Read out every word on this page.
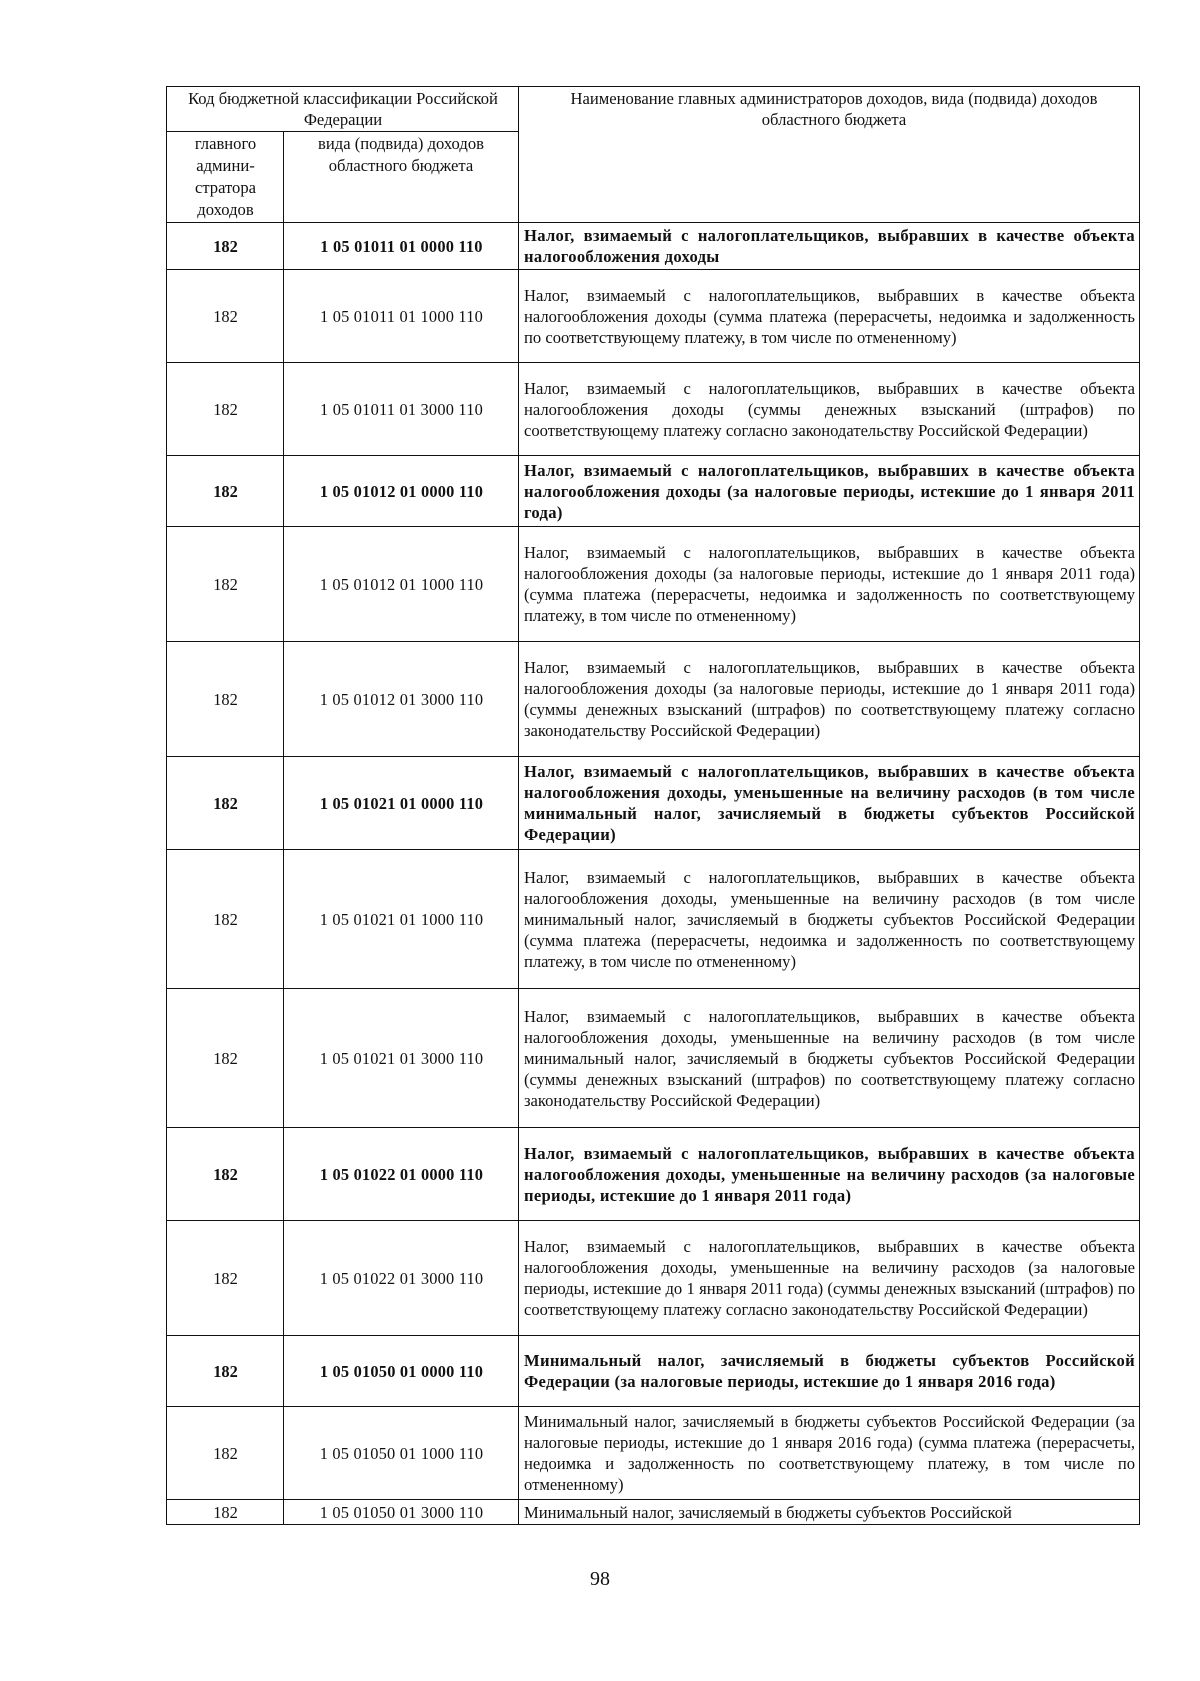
Код бюджетной классификации Российской Федерации		Наименование главных администраторов доходов, вида (подвида) доходов областного бюджета
главного админи-стратора доходов	вида (подвида) доходов областного бюджета	
182	1 05 01011 01 0000 110	Налог, взимаемый с налогоплательщиков, выбравших в качестве объекта налогообложения доходы
182	1 05 01011 01 1000 110	Налог, взимаемый с налогоплательщиков, выбравших в качестве объекта налогообложения доходы (сумма платежа (перерасчеты, недоимка и задолженность по соответствующему платежу, в том числе по отмененному)
182	1 05 01011 01 3000 110	Налог, взимаемый с налогоплательщиков, выбравших в качестве объекта налогообложения доходы (суммы денежных взысканий (штрафов) по соответствующему платежу согласно законодательству Российской Федерации)
182	1 05 01012 01 0000 110	Налог, взимаемый с налогоплательщиков, выбравших в качестве объекта налогообложения доходы (за налоговые периоды, истекшие до 1 января 2011 года)
182	1 05 01012 01 1000 110	Налог, взимаемый с налогоплательщиков, выбравших в качестве объекта налогообложения доходы (за налоговые периоды, истекшие до 1 января 2011 года) (сумма платежа (перерасчеты, недоимка и задолженность по соответствующему платежу, в том числе по отмененному)
182	1 05 01012 01 3000 110	Налог, взимаемый с налогоплательщиков, выбравших в качестве объекта налогообложения доходы (за налоговые периоды, истекшие до 1 января 2011 года) (суммы денежных взысканий (штрафов) по соответствующему платежу согласно законодательству Российской Федерации)
182	1 05 01021 01 0000 110	Налог, взимаемый с налогоплательщиков, выбравших в качестве объекта налогообложения доходы, уменьшенные на величину расходов (в том числе минимальный налог, зачисляемый в бюджеты субъектов Российской Федерации)
182	1 05 01021 01 1000 110	Налог, взимаемый с налогоплательщиков, выбравших в качестве объекта налогообложения доходы, уменьшенные на величину расходов (в том числе минимальный налог, зачисляемый в бюджеты субъектов Российской Федерации (сумма платежа (перерасчеты, недоимка и задолженность по соответствующему платежу, в том числе по отмененному)
182	1 05 01021 01 3000 110	Налог, взимаемый с налогоплательщиков, выбравших в качестве объекта налогообложения доходы, уменьшенные на величину расходов (в том числе минимальный налог, зачисляемый в бюджеты субъектов Российской Федерации (суммы денежных взысканий (штрафов) по соответствующему платежу согласно законодательству Российской Федерации)
182	1 05 01022 01 0000 110	Налог, взимаемый с налогоплательщиков, выбравших в качестве объекта налогообложения доходы, уменьшенные на величину расходов (за налоговые периоды, истекшие до 1 января 2011 года)
182	1 05 01022 01 3000 110	Налог, взимаемый с налогоплательщиков, выбравших в качестве объекта налогообложения доходы, уменьшенные на величину расходов (за налоговые периоды, истекшие до 1 января 2011 года) (суммы денежных взысканий (штрафов) по соответствующему платежу согласно законодательству Российской Федерации)
182	1 05 01050 01 0000 110	Минимальный налог, зачисляемый в бюджеты субъектов Российской Федерации (за налоговые периоды, истекшие до 1 января 2016 года)
182	1 05 01050 01 1000 110	Минимальный налог, зачисляемый в бюджеты субъектов Российской Федерации (за налоговые периоды, истекшие до 1 января 2016 года) (сумма платежа (перерасчеты, недоимка и задолженность по соответствующему платежу, в том числе по отмененному)
182	1 05 01050 01 3000 110	Минимальный налог, зачисляемый в бюджеты субъектов Российской
98
